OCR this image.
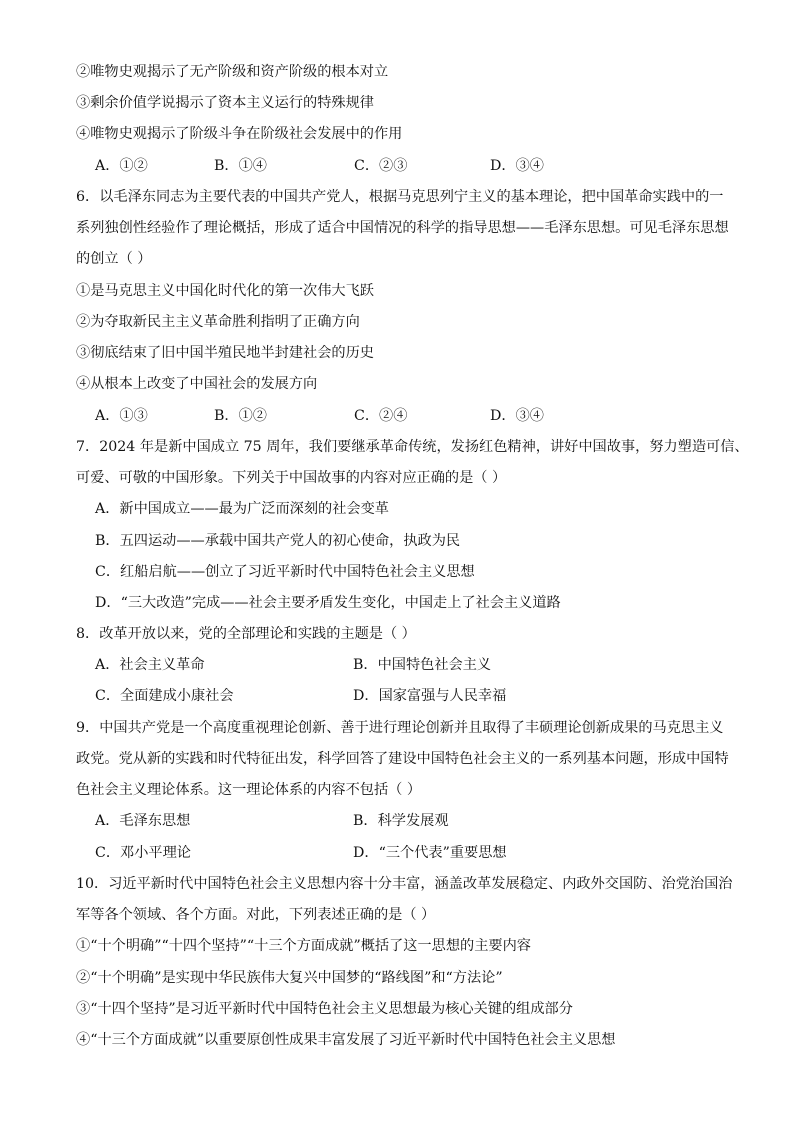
②唯物史观揭示了无产阶级和资产阶级的根本对立
③剩余价值学说揭示了资本主义运行的特殊规律
④唯物史观揭示了阶级斗争在阶级社会发展中的作用
A．①②	B．①④	C．②③	D．③④
6．以毛泽东同志为主要代表的中国共产党人，根据马克思列宁主义的基本理论，把中国革命实践中的一
系列独创性经验作了理论概括，形成了适合中国情况的科学的指导思想——毛泽东思想。可见毛泽东思想
的创立（ ）
①是马克思主义中国化时代化的第一次伟大飞跃
②为夺取新民主主义革命胜利指明了正确方向
③彻底结束了旧中国半殖民地半封建社会的历史
④从根本上改变了中国社会的发展方向
A．①③	B．①②	C．②④	D．③④
7．2024 年是新中国成立 75 周年，我们要继承革命传统，发扬红色精神，讲好中国故事，努力塑造可信、
可爱、可敬的中国形象。下列关于中国故事的内容对应正确的是（ ）
A．新中国成立——最为广泛而深刻的社会变革
B．五四运动——承载中国共产党人的初心使命，执政为民
C．红船启航——创立了习近平新时代中国特色社会主义思想
D．“三大改造”完成——社会主要矛盾发生变化，中国走上了社会主义道路
8．改革开放以来，党的全部理论和实践的主题是（ ）
A．社会主义革命	B．中国特色社会主义
C．全面建成小康社会	D．国家富强与人民幸福
9．中国共产党是一个高度重视理论创新、善于进行理论创新并且取得了丰硕理论创新成果的马克思主义
政党。党从新的实践和时代特征出发，科学回答了建设中国特色社会主义的一系列基本问题，形成中国特
色社会主义理论体系。这一理论体系的内容不包括（ ）
A．毛泽东思想	B．科学发展观
C．邓小平理论	D．“三个代表”重要思想
10．习近平新时代中国特色社会主义思想内容十分丰富，涵盖改革发展稳定、内政外交国防、治党治国治
军等各个领域、各个方面。对此，下列表述正确的是（ ）
①“十个明确”“十四个坚持”“十三个方面成就”概括了这一思想的主要内容
②“十个明确”是实现中华民族伟大复兴中国梦的“路线图”和“方法论”
③“十四个坚持”是习近平新时代中国特色社会主义思想最为核心关键的组成部分
④“十三个方面成就”以重要原创性成果丰富发展了习近平新时代中国特色社会主义思想
